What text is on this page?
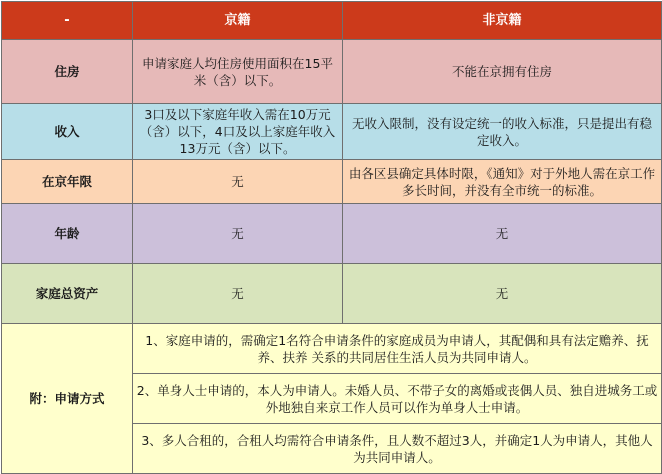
-	京籍	非京籍
住房	申请家庭人均住房使用面积在15平米（含）以下。	不能在京拥有住房
收入	3口及以下家庭年收入需在10万元（含）以下，4口及以上家庭年收入13万元（含）以下。	无收入限制，没有设定统一的收入标准，只是提出有稳定收入。
在京年限	无	由各区县确定具体时限，《通知》对于外地人需在京工作多长时间，并没有全市统一的标准。
年龄	无	无
家庭总资产	无	无
附：申请方式	1、家庭申请的，需确定1名符合申请条件的家庭成员为申请人，其配偶和具有法定赡养、抚养、扶养 关系的共同居住生活人员为共同申请人。	

	2、单身人士申请的，本人为申请人。未婚人员、不带子女的离婚或丧偶人员、独自进城务工或外地独自来京工作人员可以作为单身人士申请。	

	3、多人合租的，合租人均需符合申请条件，且人数不超过3人，并确定1人为申请人，其他人为共同申请人。	
